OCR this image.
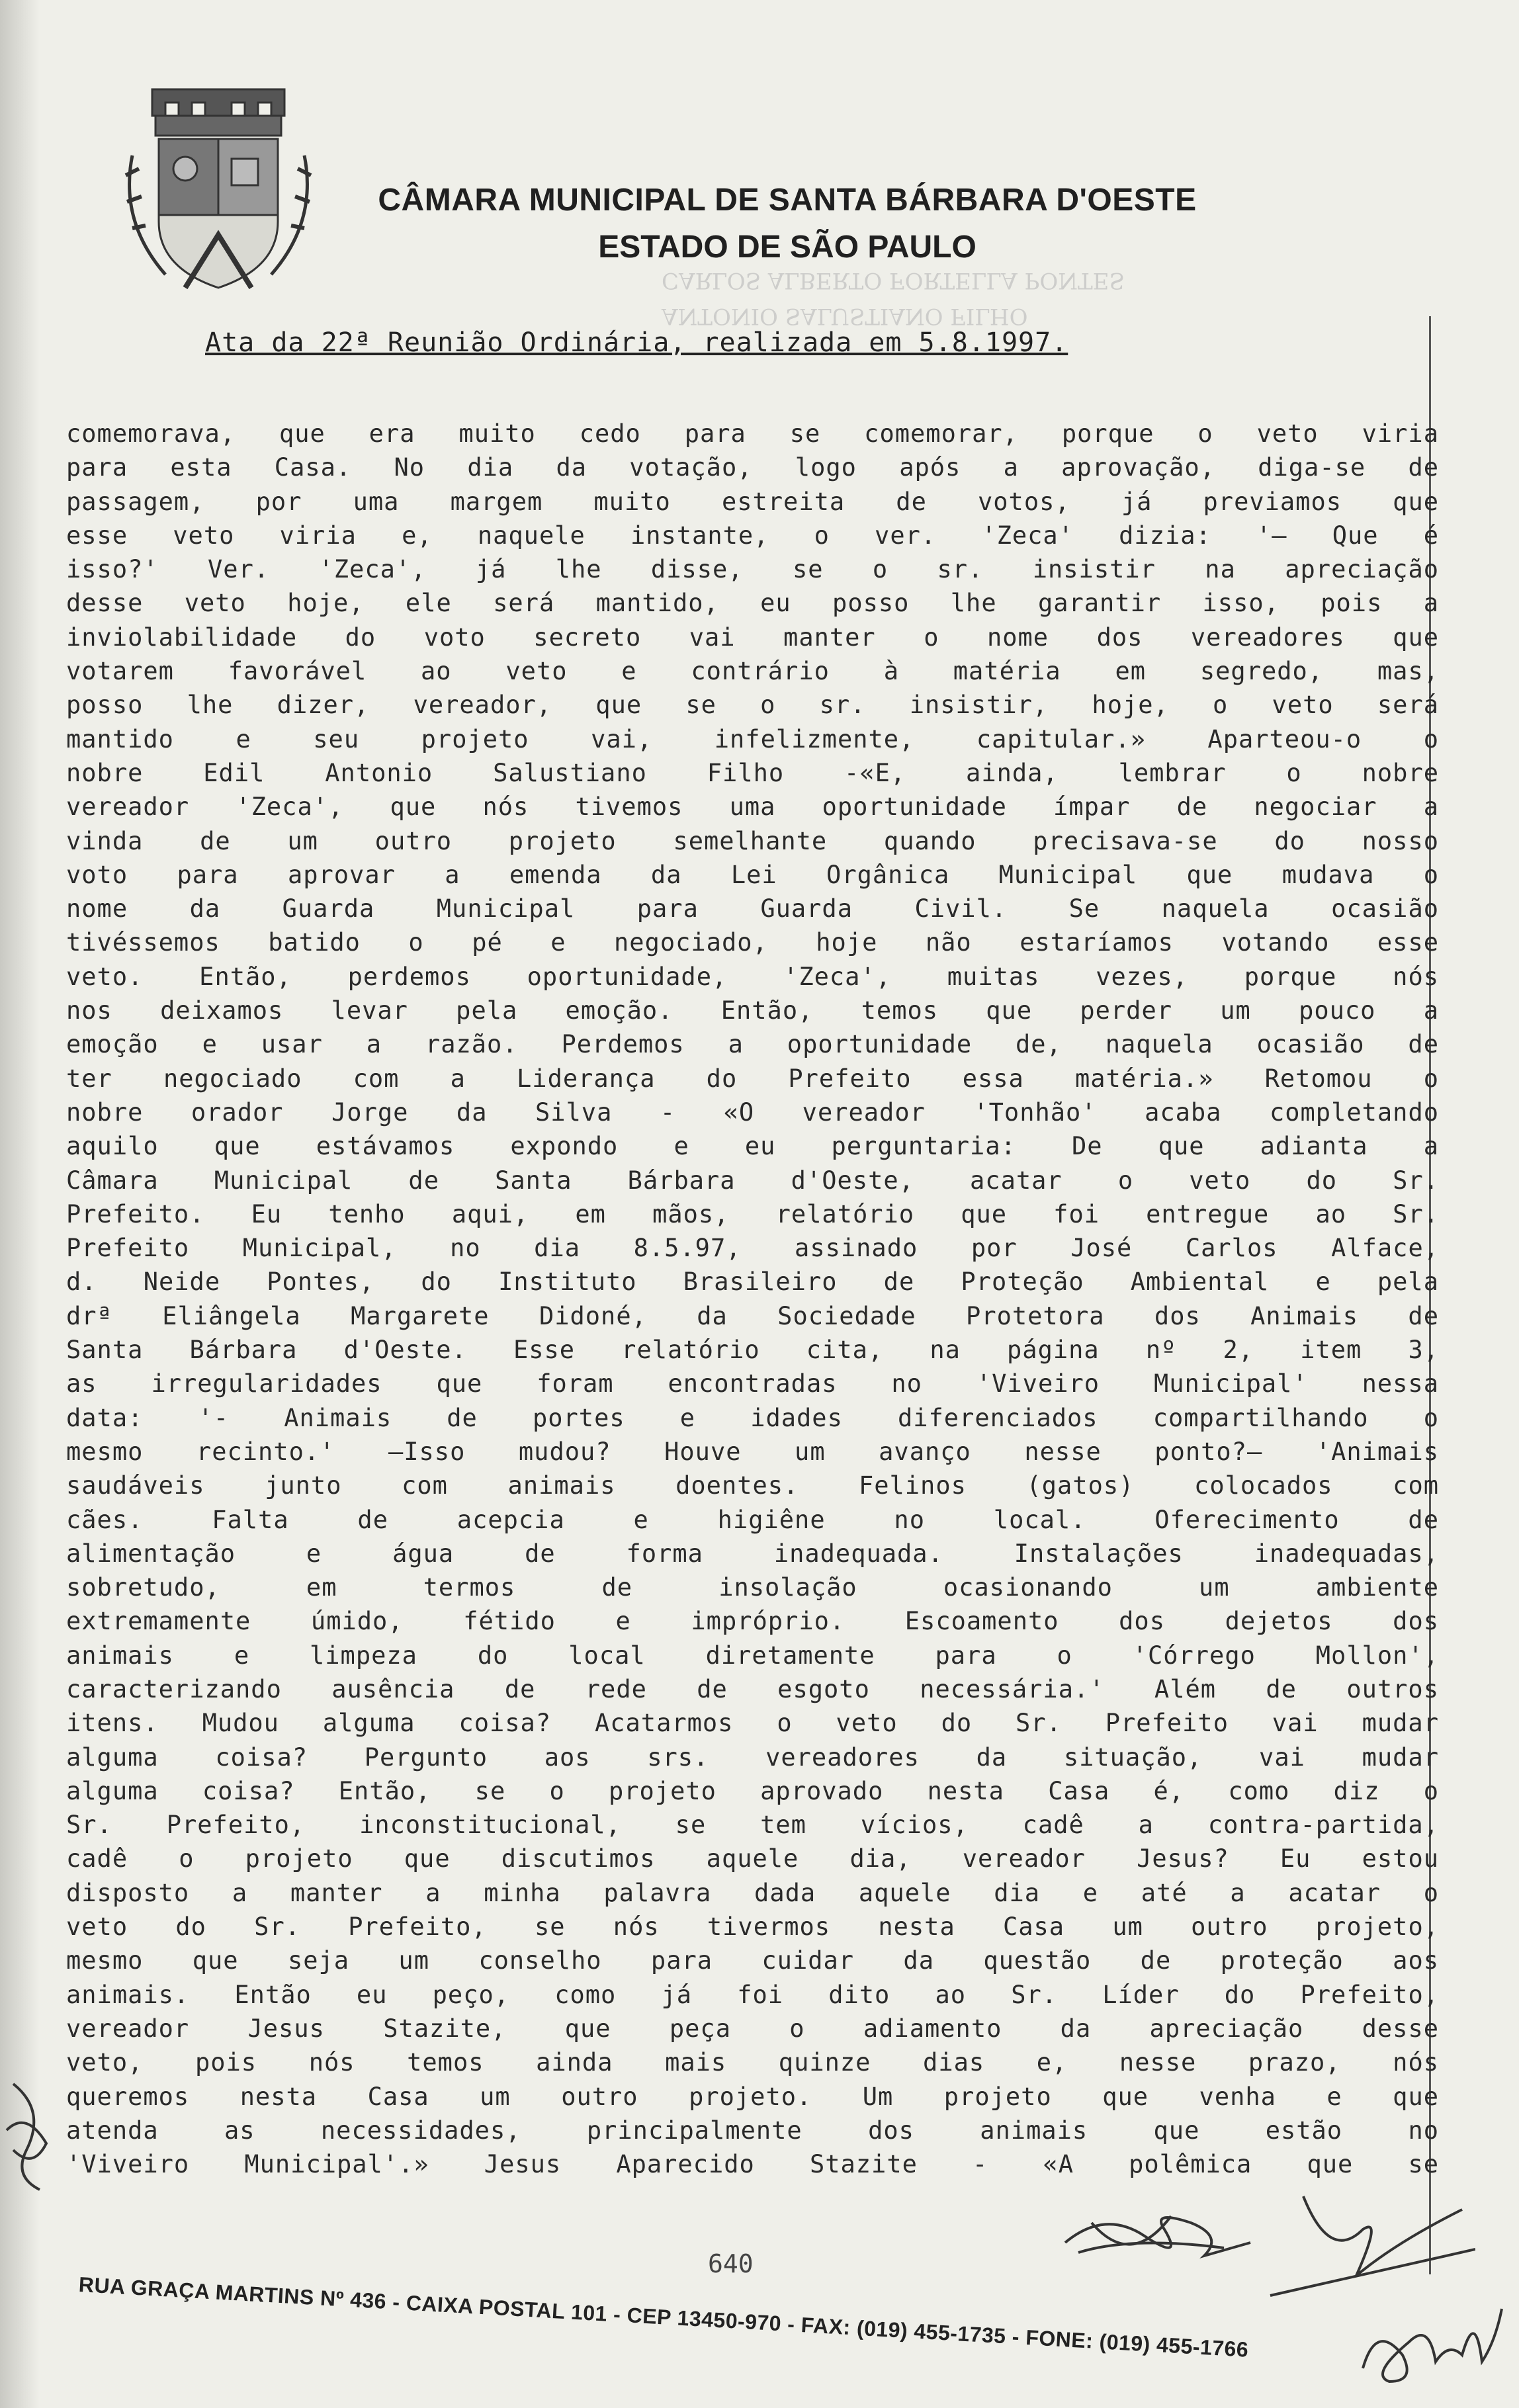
ANTONIO SALUSTIANO FILHO
CARLOS ALBERTO FORTELLA PONTES
CÂMARA MUNICIPAL DE SANTA BÁRBARA D'OESTE
ESTADO DE SÃO PAULO
Ata da 22ª Reunião Ordinária, realizada em 5.8.1997.
comemorava, que era muito cedo para se comemorar, porque o veto viria
para esta Casa. No dia da votação, logo após a aprovação, diga-se de
passagem, por uma margem muito estreita de votos, já previamos que
esse veto viria e, naquele instante, o ver. 'Zeca' dizia: '— Que é
isso?' Ver. 'Zeca', já lhe disse, se o sr. insistir na apreciação
desse veto hoje, ele será mantido, eu posso lhe garantir isso, pois a
inviolabilidade do voto secreto vai manter o nome dos vereadores que
votarem favorável ao veto e contrário à matéria em segredo, mas,
posso lhe dizer, vereador, que se o sr. insistir, hoje, o veto será
mantido e seu projeto vai, infelizmente, capitular.» Aparteou-o o
nobre Edil Antonio Salustiano Filho -«E, ainda, lembrar o nobre
vereador 'Zeca', que nós tivemos uma oportunidade ímpar de negociar a
vinda de um outro projeto semelhante quando precisava-se do nosso
voto para aprovar a emenda da Lei Orgânica Municipal que mudava o
nome da Guarda Municipal para Guarda Civil. Se naquela ocasião
tivéssemos batido o pé e negociado, hoje não estaríamos votando esse
veto. Então, perdemos oportunidade, 'Zeca', muitas vezes, porque nós
nos deixamos levar pela emoção. Então, temos que perder um pouco a
emoção e usar a razão. Perdemos a oportunidade de, naquela ocasião de
ter negociado com a Liderança do Prefeito essa matéria.» Retomou o
nobre orador Jorge da Silva - «O vereador 'Tonhão' acaba completando
aquilo que estávamos expondo e eu perguntaria: De que adianta a
Câmara Municipal de Santa Bárbara d'Oeste, acatar o veto do Sr.
Prefeito. Eu tenho aqui, em mãos, relatório que foi entregue ao Sr.
Prefeito Municipal, no dia 8.5.97, assinado por José Carlos Alface,
d. Neide Pontes, do Instituto Brasileiro de Proteção Ambiental e pela
drª Eliângela Margarete Didoné, da Sociedade Protetora dos Animais de
Santa Bárbara d'Oeste. Esse relatório cita, na página nº 2, item 3,
as irregularidades que foram encontradas no 'Viveiro Municipal' nessa
data: '- Animais de portes e idades diferenciados compartilhando o
mesmo recinto.' —Isso mudou? Houve um avanço nesse ponto?— 'Animais
saudáveis junto com animais doentes. Felinos (gatos) colocados com
cães. Falta de acepcia e higiêne no local. Oferecimento de
alimentação e água de forma inadequada. Instalações inadequadas,
sobretudo, em termos de insolação ocasionando um ambiente
extremamente úmido, fétido e impróprio. Escoamento dos dejetos dos
animais e limpeza do local diretamente para o 'Córrego Mollon',
caracterizando ausência de rede de esgoto necessária.' Além de outros
itens. Mudou alguma coisa? Acatarmos o veto do Sr. Prefeito vai mudar
alguma coisa? Pergunto aos srs. vereadores da situação, vai mudar
alguma coisa? Então, se o projeto aprovado nesta Casa é, como diz o
Sr. Prefeito, inconstitucional, se tem vícios, cadê a contra-partida,
cadê o projeto que discutimos aquele dia, vereador Jesus? Eu estou
disposto a manter a minha palavra dada aquele dia e até a acatar o
veto do Sr. Prefeito, se nós tivermos nesta Casa um outro projeto,
mesmo que seja um conselho para cuidar da questão de proteção aos
animais. Então eu peço, como já foi dito ao Sr. Líder do Prefeito,
vereador Jesus Stazite, que peça o adiamento da apreciação desse
veto, pois nós temos ainda mais quinze dias e, nesse prazo, nós
queremos nesta Casa um outro projeto. Um projeto que venha e que
atenda as necessidades, principalmente dos animais que estão no
'Viveiro Municipal'.» Jesus Aparecido Stazite - «A polêmica que se
640
RUA GRAÇA MARTINS Nº 436 - CAIXA POSTAL 101 - CEP 13450-970 - FAX: (019) 455-1735 - FONE: (019) 455-1766
